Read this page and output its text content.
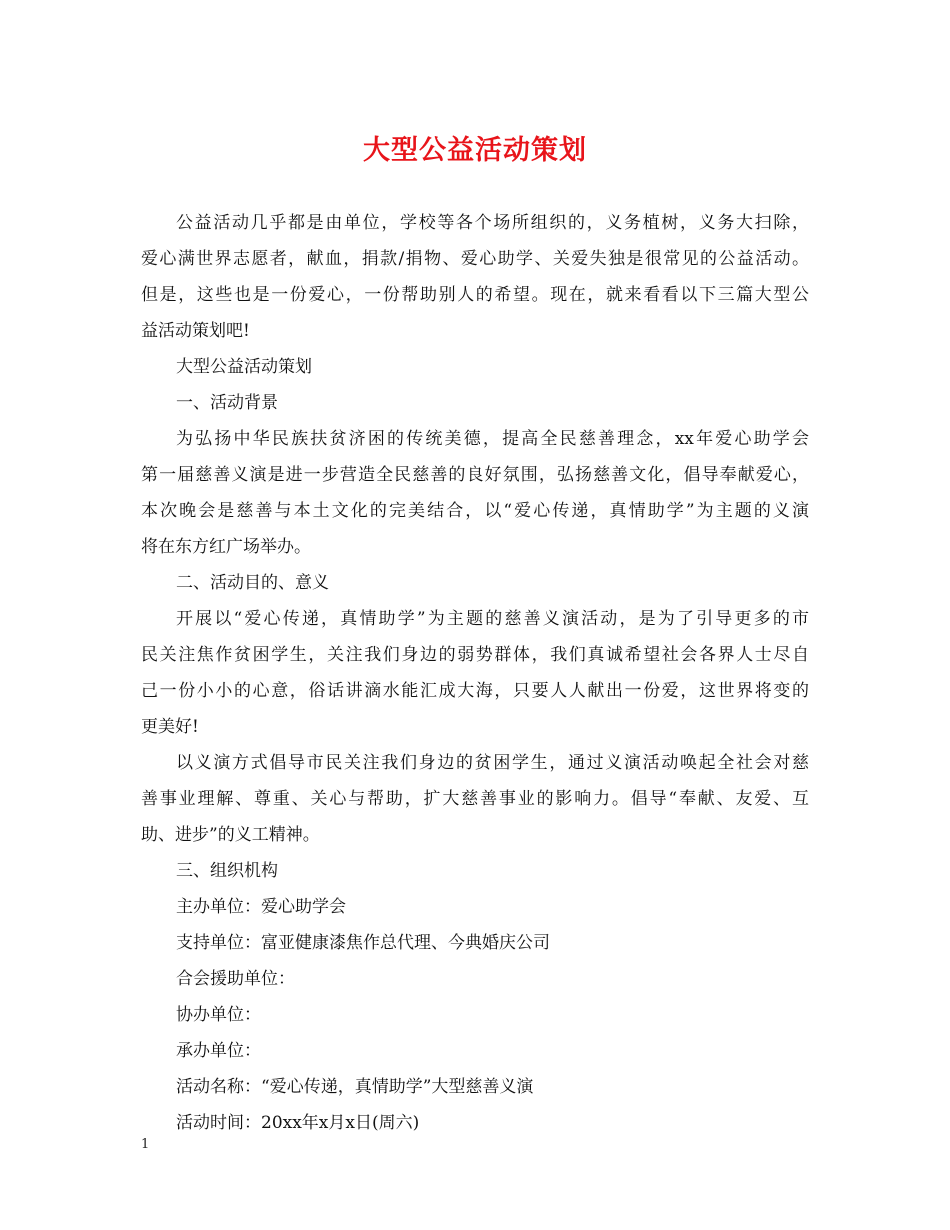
大型公益活动策划

公益活动几乎都是由单位，学校等各个场所组织的，义务植树，义务大扫除，

爱心满世界志愿者，献血，捐款/捐物、爱心助学、关爱失独是很常见的公益活动。

但是，这些也是一份爱心，一份帮助别人的希望。现在，就来看看以下三篇大型公

益活动策划吧!

大型公益活动策划

一、活动背景

为弘扬中华民族扶贫济困的传统美德，提高全民慈善理念，xx年爱心助学会

第一届慈善义演是进一步营造全民慈善的良好氛围，弘扬慈善文化，倡导奉献爱心，

本次晚会是慈善与本土文化的完美结合，以“爱心传递，真情助学”为主题的义演

将在东方红广场举办。

二、活动目的、意义

开展以“爱心传递，真情助学”为主题的慈善义演活动，是为了引导更多的市

民关注焦作贫困学生，关注我们身边的弱势群体，我们真诚希望社会各界人士尽自

己一份小小的心意，俗话讲滴水能汇成大海，只要人人献出一份爱，这世界将变的

更美好!

以义演方式倡导市民关注我们身边的贫困学生，通过义演活动唤起全社会对慈

善事业理解、尊重、关心与帮助，扩大慈善事业的影响力。倡导“奉献、友爱、互

助、进步”的义工精神。

三、组织机构

主办单位：爱心助学会

支持单位：富亚健康漆焦作总代理、今典婚庆公司

合会援助单位：

协办单位：

承办单位：

活动名称：“爱心传递，真情助学”大型慈善义演

活动时间：20xx年x月x日(周六)

1
